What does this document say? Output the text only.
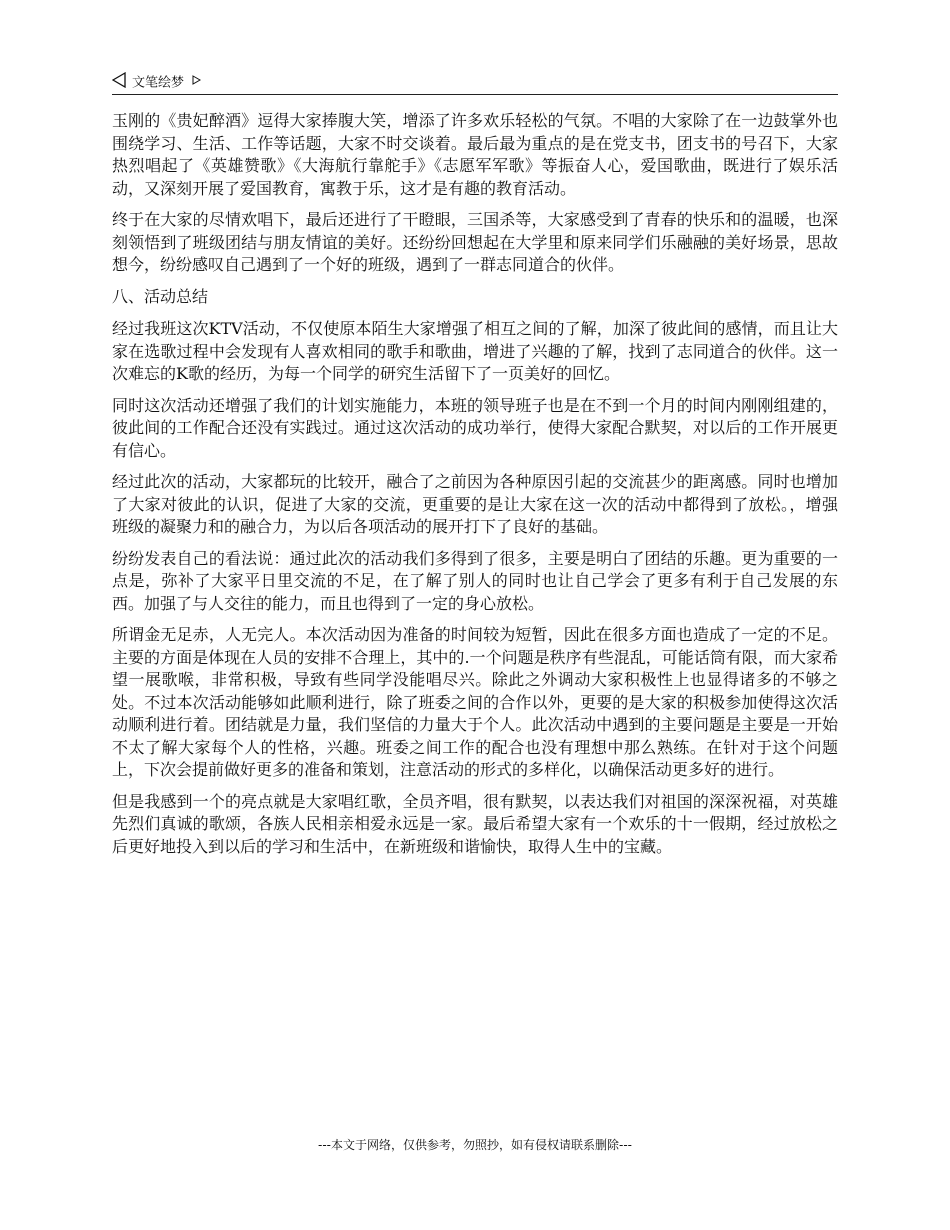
文笔绘梦

玉刚的《贵妃醉酒》逗得大家捧腹大笑，增添了许多欢乐轻松的气氛。不唱的大家除了在一边鼓掌外也围绕学习、生活、工作等话题，大家不时交谈着。最后最为重点的是在党支书，团支书的号召下，大家热烈唱起了《英雄赞歌》《大海航行靠舵手》《志愿军军歌》等振奋人心，爱国歌曲，既进行了娱乐活动，又深刻开展了爱国教育，寓教于乐，这才是有趣的教育活动。

终于在大家的尽情欢唱下，最后还进行了干瞪眼，三国杀等，大家感受到了青春的快乐和的温暖，也深刻领悟到了班级团结与朋友情谊的美好。还纷纷回想起在大学里和原来同学们乐融融的美好场景，思故想今，纷纷感叹自己遇到了一个好的班级，遇到了一群志同道合的伙伴。

八、活动总结

经过我班这次KTV活动，不仅使原本陌生大家增强了相互之间的了解，加深了彼此间的感情，而且让大家在选歌过程中会发现有人喜欢相同的歌手和歌曲，增进了兴趣的了解，找到了志同道合的伙伴。这一次难忘的K歌的经历，为每一个同学的研究生活留下了一页美好的回忆。

同时这次活动还增强了我们的计划实施能力，本班的领导班子也是在不到一个月的时间内刚刚组建的，彼此间的工作配合还没有实践过。通过这次活动的成功举行，使得大家配合默契，对以后的工作开展更有信心。

经过此次的活动，大家都玩的比较开，融合了之前因为各种原因引起的交流甚少的距离感。同时也增加了大家对彼此的认识，促进了大家的交流，更重要的是让大家在这一次的活动中都得到了放松。，增强班级的凝聚力和的融合力，为以后各项活动的展开打下了良好的基础。

纷纷发表自己的看法说：通过此次的活动我们多得到了很多，主要是明白了团结的乐趣。更为重要的一点是，弥补了大家平日里交流的不足，在了解了别人的同时也让自己学会了更多有利于自己发展的东西。加强了与人交往的能力，而且也得到了一定的身心放松。

所谓金无足赤，人无完人。本次活动因为准备的时间较为短暂，因此在很多方面也造成了一定的不足。主要的方面是体现在人员的安排不合理上，其中的.一个问题是秩序有些混乱，可能话筒有限，而大家希望一展歌喉，非常积极，导致有些同学没能唱尽兴。除此之外调动大家积极性上也显得诸多的不够之处。不过本次活动能够如此顺利进行，除了班委之间的合作以外，更要的是大家的积极参加使得这次活动顺利进行着。团结就是力量，我们坚信的力量大于个人。此次活动中遇到的主要问题是主要是一开始不太了解大家每个人的性格，兴趣。班委之间工作的配合也没有理想中那么熟练。在针对于这个问题上，下次会提前做好更多的准备和策划，注意活动的形式的多样化，以确保活动更多好的进行。

但是我感到一个的亮点就是大家唱红歌，全员齐唱，很有默契，以表达我们对祖国的深深祝福，对英雄先烈们真诚的歌颂，各族人民相亲相爱永远是一家。最后希望大家有一个欢乐的十一假期，经过放松之后更好地投入到以后的学习和生活中，在新班级和谐愉快，取得人生中的宝藏。

---本文于网络，仅供参考，勿照抄，如有侵权请联系删除---
